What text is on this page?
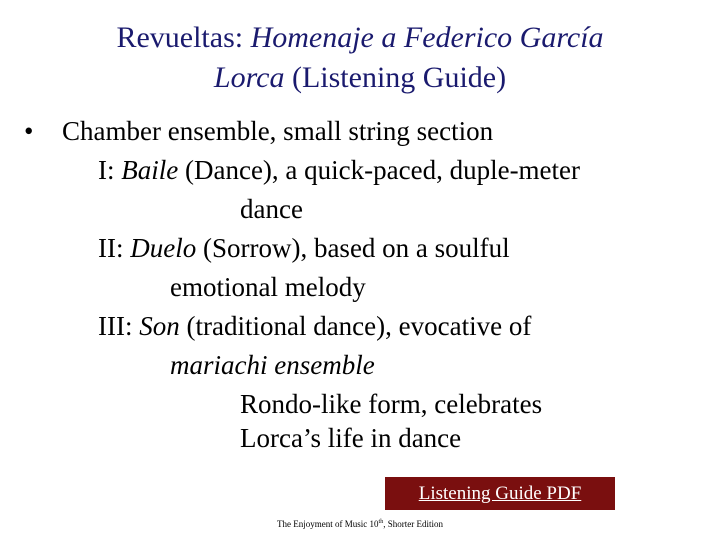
Revueltas: Homenaje a Federico García
Lorca (Listening Guide)
• Chamber ensemble, small string section
I: Baile (Dance), a quick-paced, duple-meter
dance
II: Duelo (Sorrow), based on a soulful
emotional melody
III: Son (traditional dance), evocative of
mariachi ensemble
Rondo-like form, celebrates
Lorca’s life in dance
Listening Guide PDF
The Enjoyment of Music 10th, Shorter Edition
